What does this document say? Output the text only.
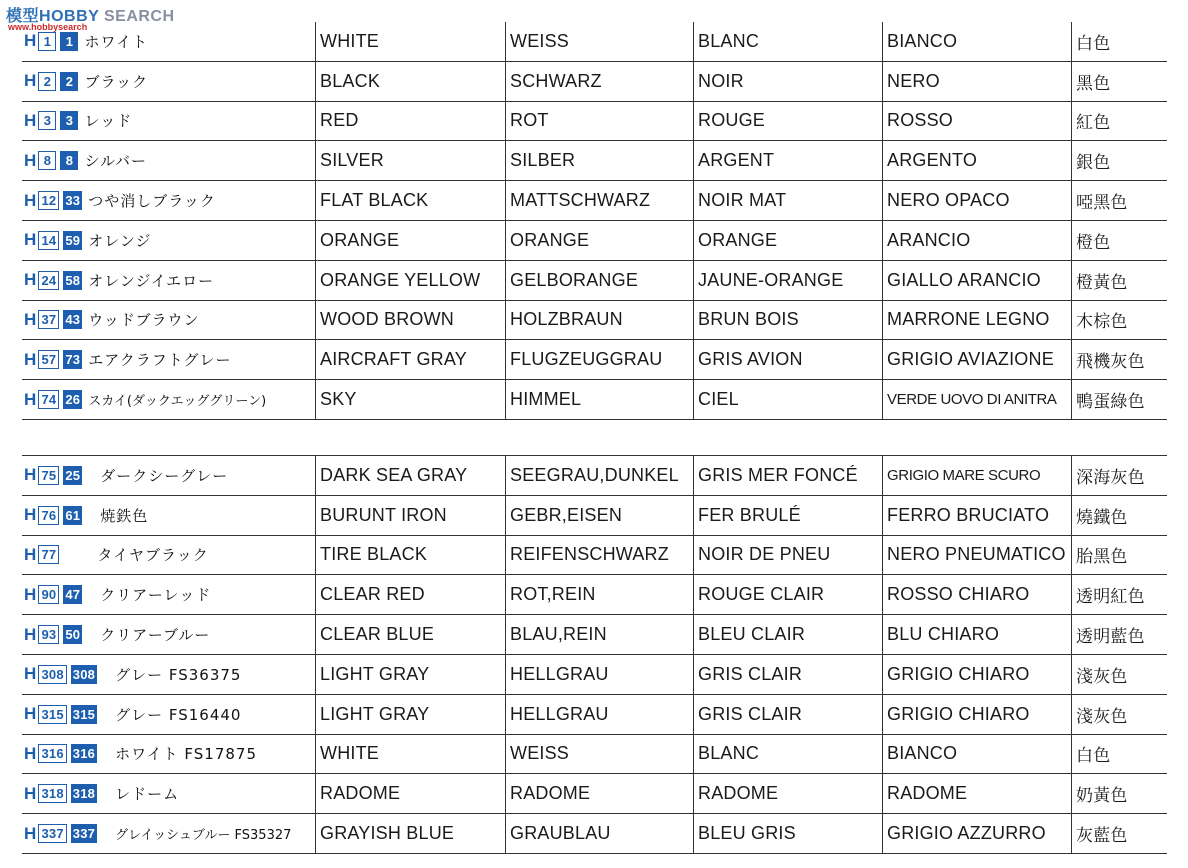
模型HOBBY SEARCH
www.hobbysearch
H 1	1 ホワイト	WHITE	WEISS	BLANC	BIANCO	白色
H 2	2 ブラック	BLACK	SCHWARZ	NOIR	NERO	黑色
H 3	3 レッド	RED	ROT	ROUGE	ROSSO	紅色
H 8	8 シルバー	SILVER	SILBER	ARGENT	ARGENTO	銀色
H 12 33 つや消しブラック	FLAT BLACK	MATTSCHWARZ	NOIR MAT	NERO OPACO	啞黑色
H 14 59 オレンジ	ORANGE	ORANGE	ORANGE	ARANCIO	橙色
H 24 58 オレンジイエロー	ORANGE YELLOW	GELBORANGE	JAUNE-ORANGE	GIALLO ARANCIO	橙黃色
H 37 43 ウッドブラウン	WOOD BROWN	HOLZBRAUN	BRUN BOIS	MARRONE LEGNO	木棕色
H 57 73 エアクラフトグレー	AIRCRAFT GRAY	FLUGZEUGGRAU	GRIS AVION	GRIGIO AVIAZIONE	飛機灰色
H 74 26 スカイ(ダックエッググリーン)	SKY	HIMMEL	CIEL	VERDE UOVO DI ANITRA	鴨蛋綠色
H 75 25 ダークシーグレー	DARK SEA GRAY	SEEGRAU,DUNKEL	GRIS MER FONCÉ	GRIGIO MARE SCURO	深海灰色
H 76 61 焼鉄色	BURUNT IRON	GEBR,EISEN	FER BRULÉ	FERRO BRUCIATO	燒鐵色
H 77	タイヤブラック	TIRE BLACK	REIFENSCHWARZ	NOIR DE PNEU	NERO PNEUMATICO 胎黑色
H 90 47 クリアーレッド	CLEAR RED	ROT,REIN	ROUGE CLAIR	ROSSO CHIARO	透明紅色
H 93 50 クリアーブルー	CLEAR BLUE	BLAU,REIN	BLEU CLAIR	BLU CHIARO	透明藍色
H 308 308 グレー FS36375	LIGHT GRAY	HELLGRAU	GRIS CLAIR	GRIGIO CHIARO	淺灰色
H 315 315 グレー FS16440	LIGHT GRAY	HELLGRAU	GRIS CLAIR	GRIGIO CHIARO	淺灰色
H 316 316 ホワイト FS17875	WHITE	WEISS	BLANC	BIANCO	白色
H 318 318 レドーム	RADOME	RADOME	RADOME	RADOME	奶黃色
H 337 337 グレイッシュブルー FS35327 GRAYISH BLUE	GRAUBLAU	BLEU GRIS	GRIGIO AZZURRO	灰藍色
